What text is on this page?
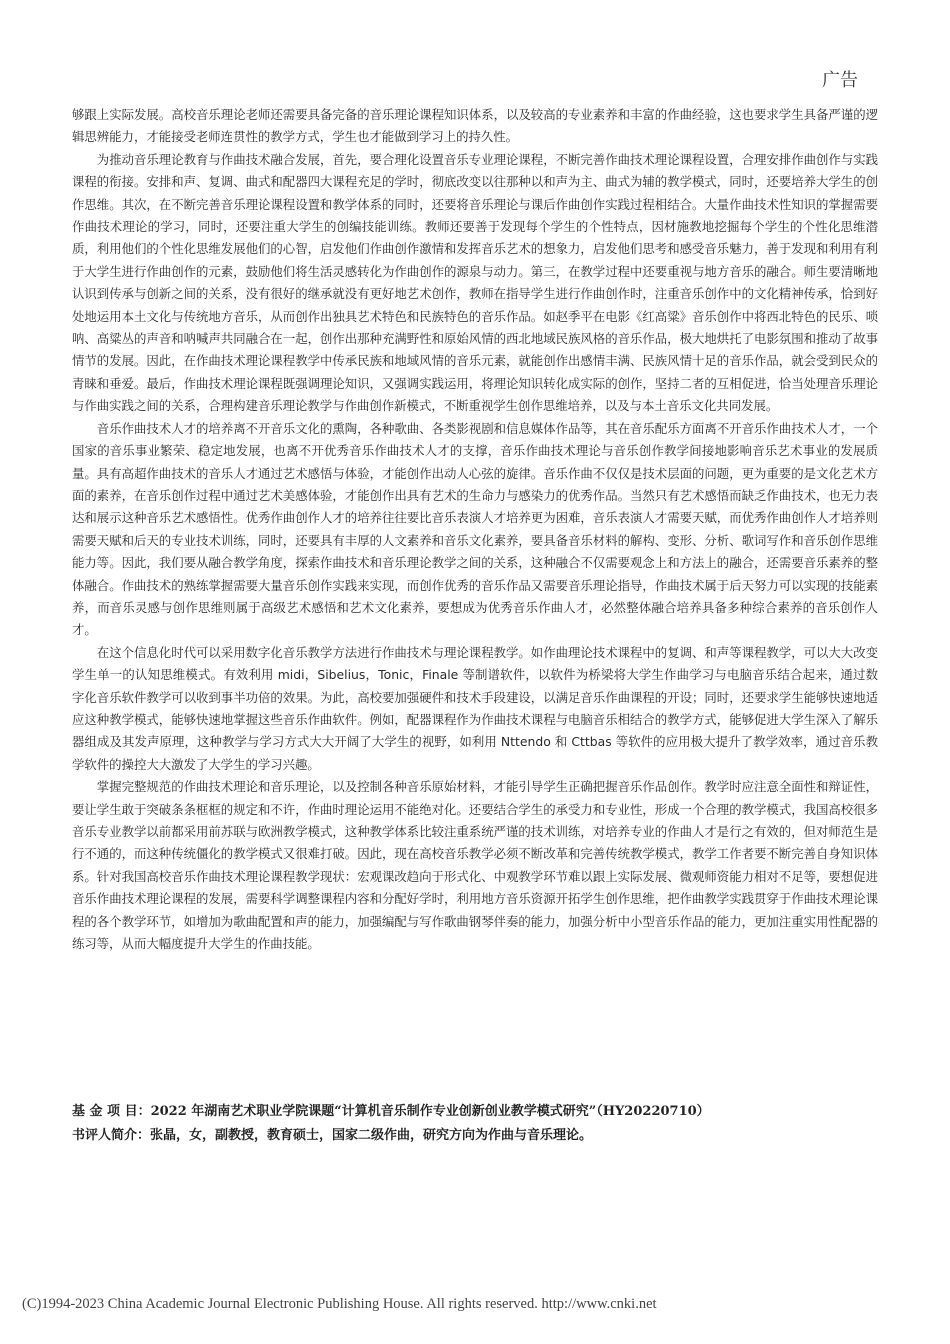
广告

够跟上实际发展。高校音乐理论老师还需要具备完备的音乐理论课程知识体系，以及较高的专业素养和丰富的作曲经验，这也要求学生具备严谨的逻辑思辨能力，才能接受老师连贯性的教学方式，学生也才能做到学习上的持久性。

为推动音乐理论教育与作曲技术融合发展，首先，要合理化设置音乐专业理论课程，不断完善作曲技术理论课程设置，合理安排作曲创作与实践课程的衔接。安排和声、复调、曲式和配器四大课程充足的学时，彻底改变以往那种以和声为主、曲式为辅的教学模式，同时，还要培养大学生的创作思维。其次，在不断完善音乐理论课程设置和教学体系的同时，还要将音乐理论与课后作曲创作实践过程相结合。大量作曲技术性知识的掌握需要作曲技术理论的学习，同时，还要注重大学生的创编技能训练。教师还要善于发现每个学生的个性特点，因材施教地挖掘每个学生的个性化思维潜质，利用他们的个性化思维发展他们的心智，启发他们作曲创作激情和发挥音乐艺术的想象力，启发他们思考和感受音乐魅力，善于发现和利用有利于大学生进行作曲创作的元素，鼓励他们将生活灵感转化为作曲创作的源泉与动力。第三，在教学过程中还要重视与地方音乐的融合。师生要清晰地认识到传承与创新之间的关系，没有很好的继承就没有更好地艺术创作，教师在指导学生进行作曲创作时，注重音乐创作中的文化精神传承，恰到好处地运用本土文化与传统地方音乐，从而创作出独具艺术特色和民族特色的音乐作品。如赵季平在电影《红高粱》音乐创作中将西北特色的民乐、唢呐、高粱丛的声音和呐喊声共同融合在一起，创作出那种充满野性和原始风情的西北地域民族风格的音乐作品，极大地烘托了电影氛围和推动了故事情节的发展。因此，在作曲技术理论课程教学中传承民族和地域风情的音乐元素，就能创作出感情丰满、民族风情十足的音乐作品，就会受到民众的青睐和垂爱。最后，作曲技术理论课程既强调理论知识，又强调实践运用，将理论知识转化成实际的创作，坚持二者的互相促进，恰当处理音乐理论与作曲实践之间的关系，合理构建音乐理论教学与作曲创作新模式，不断重视学生创作思维培养，以及与本土音乐文化共同发展。

音乐作曲技术人才的培养离不开音乐文化的熏陶，各种歌曲、各类影视剧和信息媒体作品等，其在音乐配乐方面离不开音乐作曲技术人才，一个国家的音乐事业繁荣、稳定地发展，也离不开优秀音乐作曲技术人才的支撑，音乐作曲技术理论与音乐创作教学间接地影响音乐艺术事业的发展质量。具有高超作曲技术的音乐人才通过艺术感悟与体验，才能创作出动人心弦的旋律。音乐作曲不仅仅是技术层面的问题，更为重要的是文化艺术方面的素养，在音乐创作过程中通过艺术美感体验，才能创作出具有艺术的生命力与感染力的优秀作品。当然只有艺术感悟而缺乏作曲技术，也无力表达和展示这种音乐艺术感悟性。优秀作曲创作人才的培养往往要比音乐表演人才培养更为困难，音乐表演人才需要天赋，而优秀作曲创作人才培养则需要天赋和后天的专业技术训练，同时，还要具有丰厚的人文素养和音乐文化素养，要具备音乐材料的解构、变形、分析、歌词写作和音乐创作思维能力等。因此，我们要从融合教学角度，探索作曲技术和音乐理论教学之间的关系，这种融合不仅需要观念上和方法上的融合，还需要音乐素养的整体融合。作曲技术的熟练掌握需要大量音乐创作实践来实现，而创作优秀的音乐作品又需要音乐理论指导，作曲技术属于后天努力可以实现的技能素养，而音乐灵感与创作思维则属于高级艺术感悟和艺术文化素养，要想成为优秀音乐作曲人才，必然整体融合培养具备多种综合素养的音乐创作人才。

在这个信息化时代可以采用数字化音乐教学方法进行作曲技术与理论课程教学。如作曲理论技术课程中的复调、和声等课程教学，可以大大改变学生单一的认知思维模式。有效利用 midi，Sibelius，Tonic，Finale 等制谱软件，以软件为桥梁将大学生作曲学习与电脑音乐结合起来，通过数字化音乐软件教学可以收到事半功倍的效果。为此，高校要加强硬件和技术手段建设，以满足音乐作曲课程的开设；同时，还要求学生能够快速地适应这种教学模式，能够快速地掌握这些音乐作曲软件。例如，配器课程作为作曲技术课程与电脑音乐相结合的教学方式，能够促进大学生深入了解乐器组成及其发声原理，这种教学与学习方式大大开阔了大学生的视野，如利用 Nttendo 和 Cttbas 等软件的应用极大提升了教学效率，通过音乐教学软件的操控大大激发了大学生的学习兴趣。

掌握完整规范的作曲技术理论和音乐理论，以及控制各种音乐原始材料，才能引导学生正确把握音乐作品创作。教学时应注意全面性和辩证性，要让学生敢于突破条条框框的规定和不许，作曲时理论运用不能绝对化。还要结合学生的承受力和专业性，形成一个合理的教学模式，我国高校很多音乐专业教学以前都采用前苏联与欧洲教学模式，这种教学体系比较注重系统严谨的技术训练，对培养专业的作曲人才是行之有效的，但对师范生是行不通的，而这种传统僵化的教学模式又很难打破。因此，现在高校音乐教学必须不断改革和完善传统教学模式，教学工作者要不断完善自身知识体系。针对我国高校音乐作曲技术理论课程教学现状：宏观课改趋向于形式化、中观教学环节难以跟上实际发展、微观师资能力相对不足等，要想促进音乐作曲技术理论课程的发展，需要科学调整课程内容和分配好学时，利用地方音乐资源开拓学生创作思维，把作曲教学实践贯穿于作曲技术理论课程的各个教学环节，如增加为歌曲配置和声的能力，加强编配与写作歌曲钢琴伴奏的能力，加强分析中小型音乐作品的能力，更加注重实用性配器的练习等，从而大幅度提升大学生的作曲技能。

基 金 项 目：2022 年湖南艺术职业学院课题“计算机音乐制作专业创新创业教学模式研究”（HY20220710）
书评人简介：张晶，女，副教授，教育硕士，国家二级作曲，研究方向为作曲与音乐理论。
(C)1994-2023 China Academic Journal Electronic Publishing House. All rights reserved. http://www.cnki.net
